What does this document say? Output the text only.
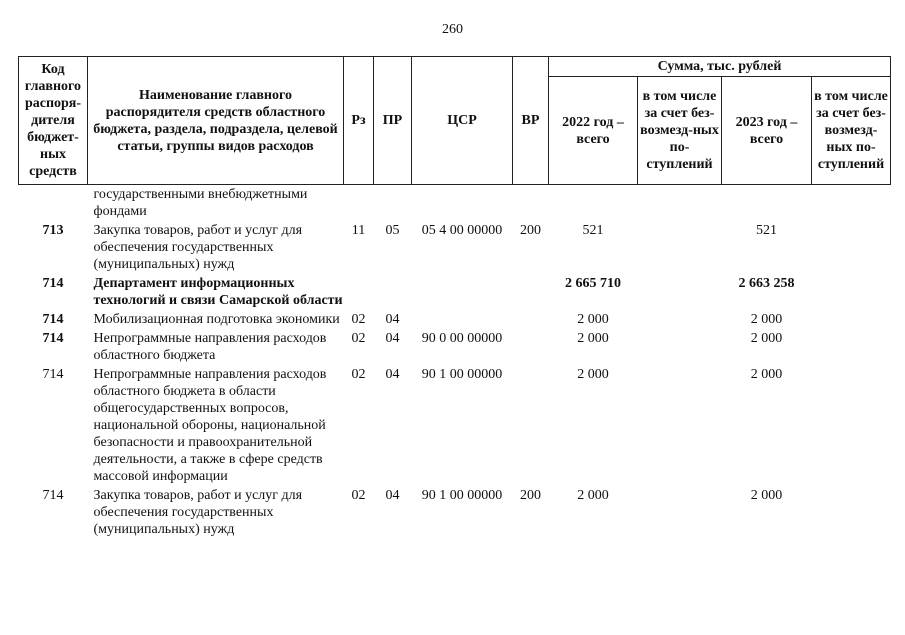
260
Код главного распоря-дителя бюджет-ных средств	Наименование главного распорядителя средств областного бюджета, раздела, подраздела, целевой статьи, группы видов расходов	Рз	ПР	ЦСР	ВР	Сумма, тыс. рублей			
						2022 год – всего	в том числе за счет без-возмезд-ных по-ступлений	2023 год – всего	в том числе за счет без-возмезд-ных по-ступлений
	государственными внебюджетными фондами								
713	Закупка товаров, работ и услуг для обеспечения государственных (муниципальных) нужд	11	05	05 4 00 00000	200	521		521	
714	Департамент информационных технологий и связи Самарской области					2 665 710		2 663 258	
714	Мобилизационная подготовка экономики	02	04			2 000		2 000	
714	Непрограммные направления расходов областного бюджета	02	04	90 0 00 00000		2 000		2 000	
714	Непрограммные направления расходов областного бюджета в области общегосударственных вопросов, национальной обороны, национальной безопасности и правоохранительной деятельности, а также в сфере средств массовой информации	02	04	90 1 00 00000		2 000		2 000	
714	Закупка товаров, работ и услуг для обеспечения государственных (муниципальных) нужд	02	04	90 1 00 00000	200	2 000		2 000	
